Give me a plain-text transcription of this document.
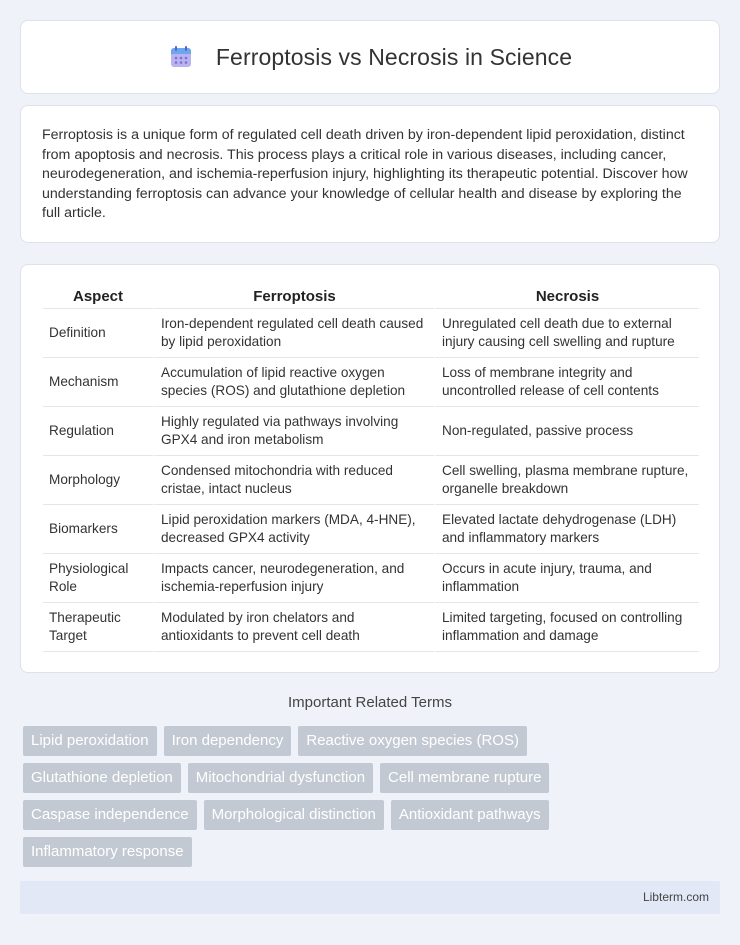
Ferroptosis vs Necrosis in Science

Ferroptosis is a unique form of regulated cell death driven by iron-dependent lipid peroxidation, distinct from apoptosis and necrosis. This process plays a critical role in various diseases, including cancer, neurodegeneration, and ischemia-reperfusion injury, highlighting its therapeutic potential. Discover how understanding ferroptosis can advance your knowledge of cellular health and disease by exploring the full article.

Aspect	Ferroptosis	Necrosis
Definition	Iron-dependent regulated cell death caused by lipid peroxidation	Unregulated cell death due to external injury causing cell swelling and rupture
Mechanism	Accumulation of lipid reactive oxygen species (ROS) and glutathione depletion	Loss of membrane integrity and uncontrolled release of cell contents
Regulation	Highly regulated via pathways involving GPX4 and iron metabolism	Non-regulated, passive process
Morphology	Condensed mitochondria with reduced cristae, intact nucleus	Cell swelling, plasma membrane rupture, organelle breakdown
Biomarkers	Lipid peroxidation markers (MDA, 4-HNE), decreased GPX4 activity	Elevated lactate dehydrogenase (LDH) and inflammatory markers
Physiological Role	Impacts cancer, neurodegeneration, and ischemia-reperfusion injury	Occurs in acute injury, trauma, and inflammation
Therapeutic Target	Modulated by iron chelators and antioxidants to prevent cell death	Limited targeting, focused on controlling inflammation and damage
Important Related Terms
Lipid peroxidation	Iron dependency	Reactive oxygen species (ROS)
Glutathione depletion	Mitochondrial dysfunction	Cell membrane rupture
Caspase independence	Morphological distinction	Antioxidant pathways
Inflammatory response
Libterm.com
